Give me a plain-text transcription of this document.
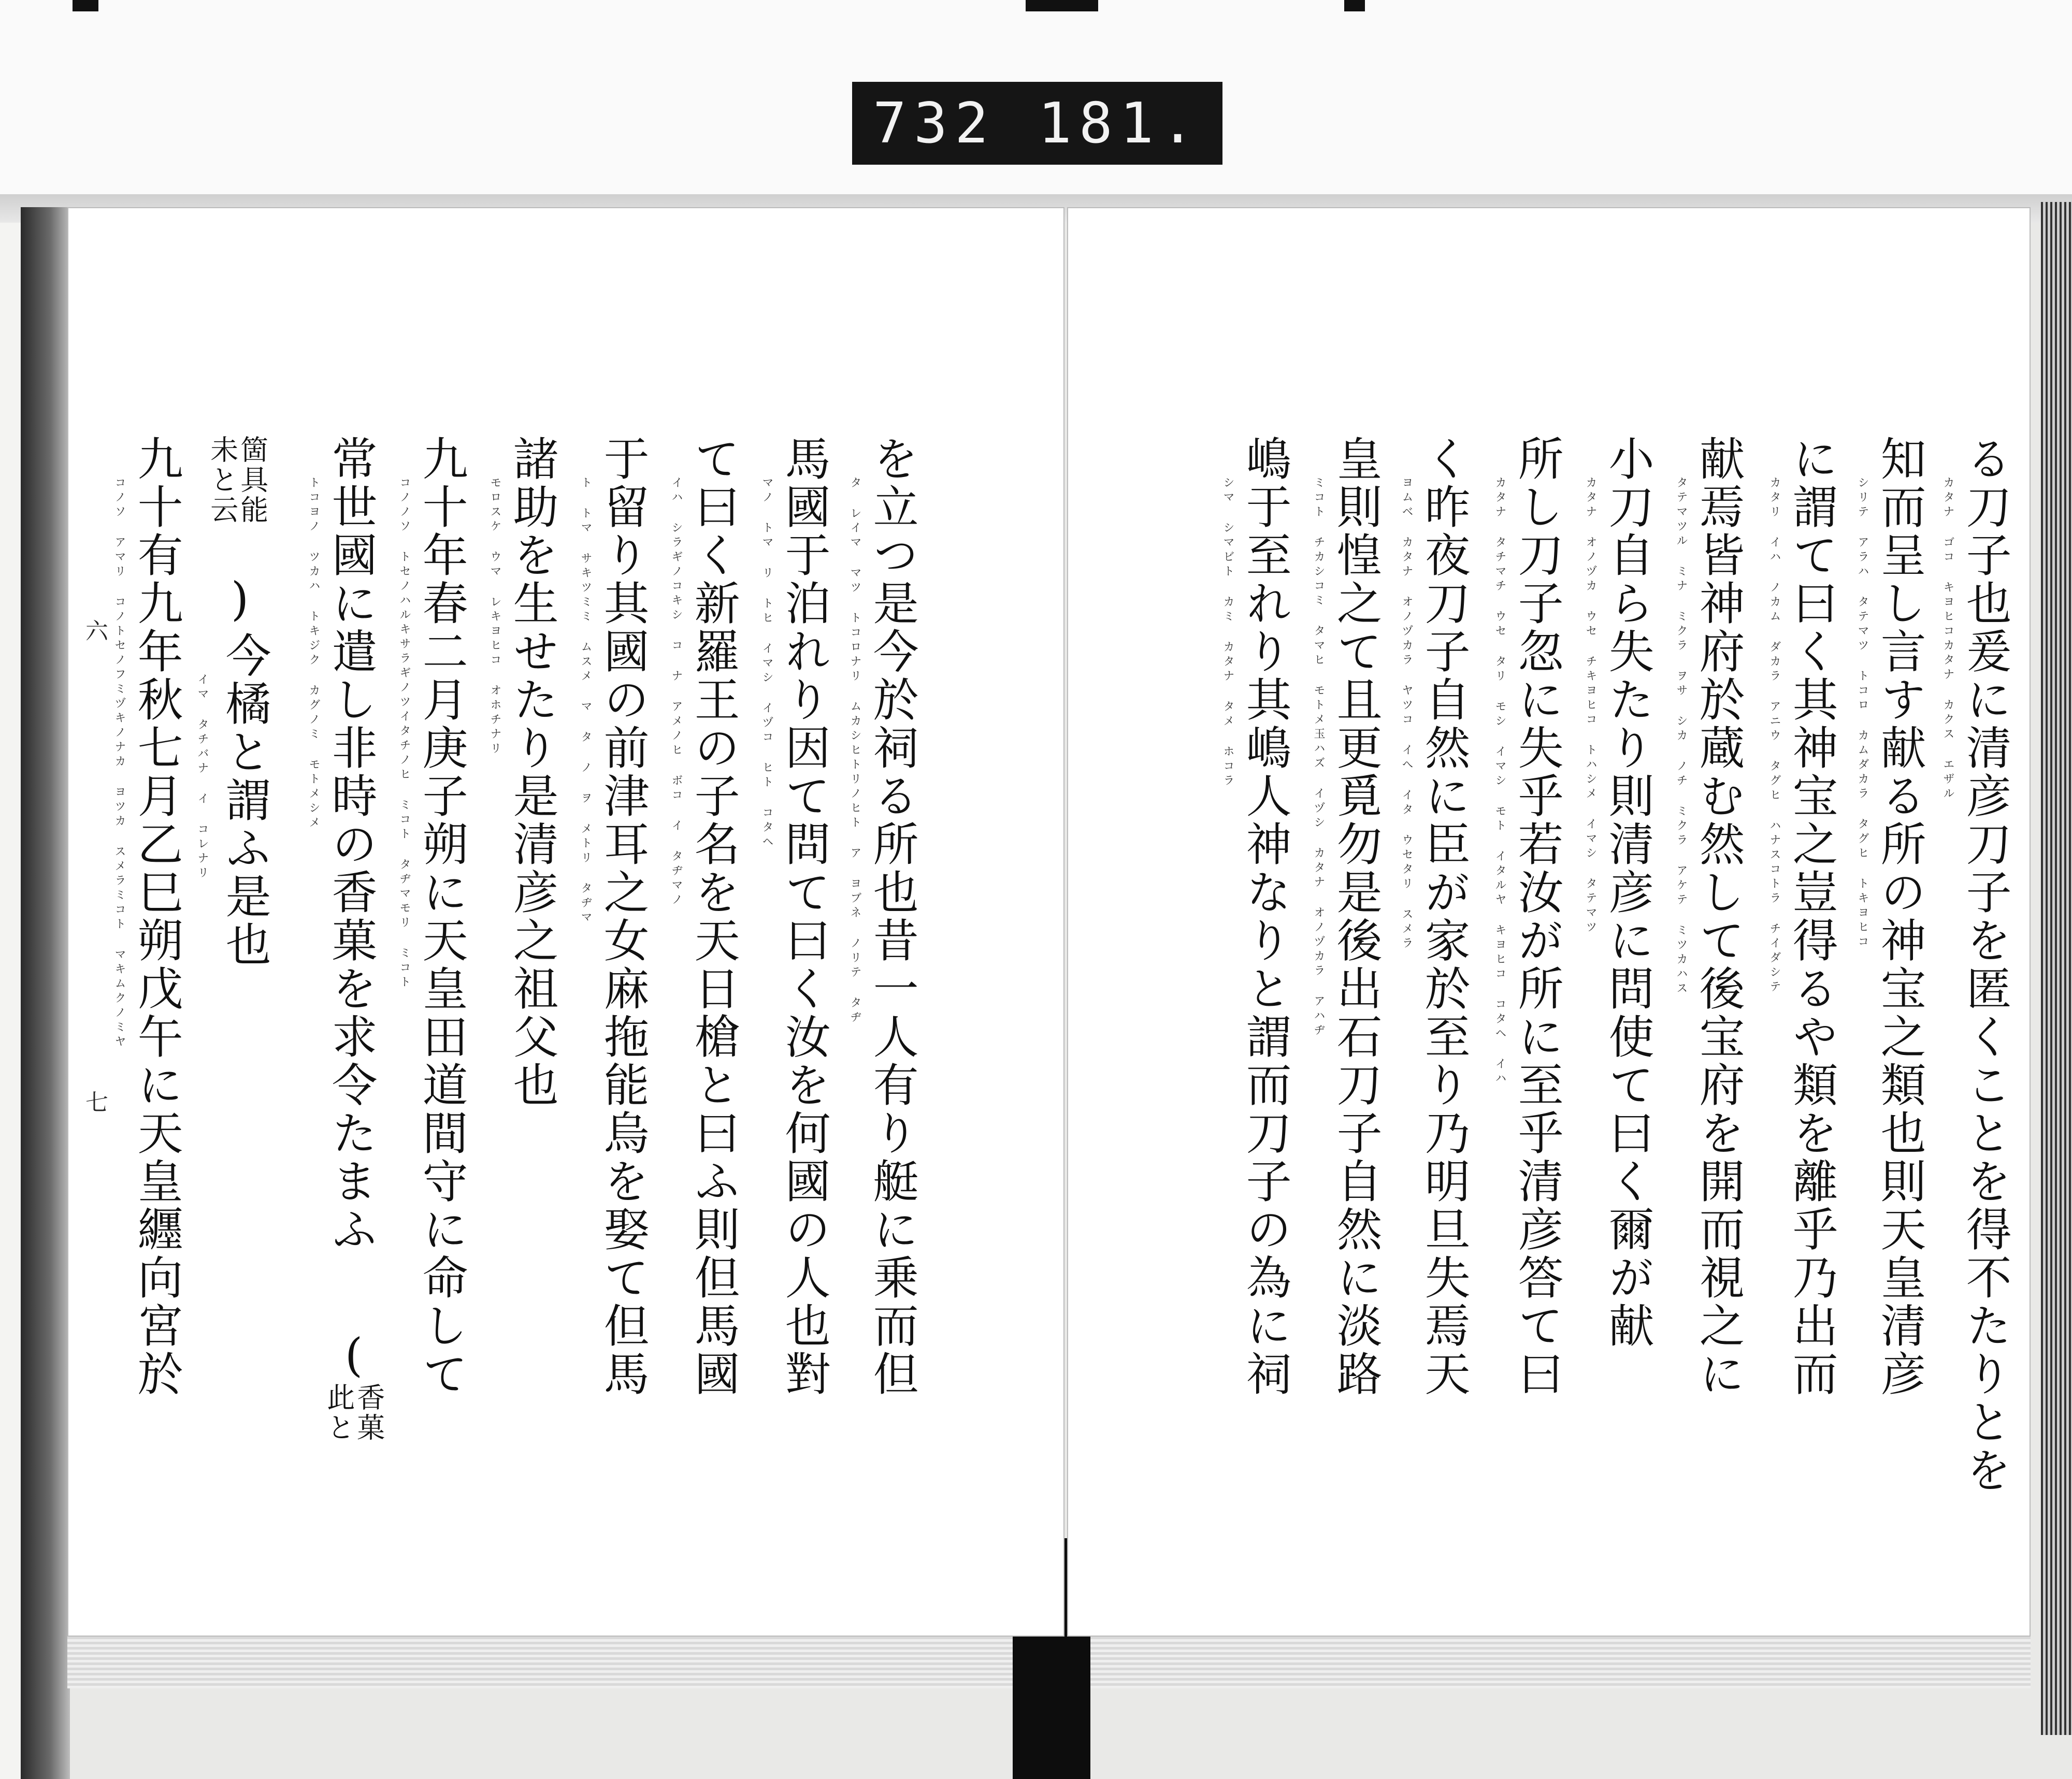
732 181.
る刀子也爰に清彦刀子を匿くことを得不たりとを
知而呈し言す献る所の神宝之類也則天皇清彦
に謂て曰く其神宝之豈得るや類を離乎乃出而
献焉皆神府於蔵む然して後宝府を開而視之に
小刀自ら失たり則清彦に問使て曰く爾が献
所し刀子忽に失乎若汝が所に至乎清彦答て曰
く昨夜刀子自然に臣が家於至り乃明旦失焉天
皇則惶之て且更覓勿是後出石刀子自然に淡路
嶋于至れり其嶋人神なりと謂而刀子の為に祠	カタナ ゴコ キヨヒコカタナ カクス エザル
シリテ アラハ タテマツ トコロ カムダカラ タグヒ トキヨヒコ
カタリ イハ ノカム ダカラ アニウ タグヒ ハナスコトラ チイダシテ
タテマツル ミナ ミクラ ヲサ シカ ノチ ミクラ アケテ ミツカハス
カタナ オノヅカ ウセ チキヨヒコ トハシメ イマシ タテマツ
カタナ タチマチ ウセ タリ モシ イマシ モト イタルヤ キヨヒコ コタヘ イハ
ヨムベ カタナ オノヅカラ ヤツコ イへ イタ ウセタリ スメラ
ミコト チカシコミ タマヒ モトメ玉ハズ イヅシ カタナ オノヅカラ アハヂ
シマ シマビト カミ カタナ タメ ホコラ
を立つ是今於祠る所也昔一人有り艇に乗而但
馬國于泊れり因て問て曰く汝を何國の人也對
て曰く新羅王の子名を天日槍と曰ふ則但馬國
于留り其國の前津耳之女麻拖能烏を娶て但馬
諸助を生せたり是清彦之祖父也
九十年春二月庚子朔に天皇田道間守に命して
常世國に遣し非時の香菓を求令たまふ
(
香菓
此と
箇具能
未と云
)
今橘と謂ふ是也
九十有九年秋七月乙巳朔戊午に天皇纒向宮於	タ レイマ マツ トコロナリ ムカシヒトリノヒト ア ヨブネ ノリテ タヂ
マノ トマ リ トヒ イマシ イヅコ ヒト コタヘ
イハ シラギノコキシ コ ナ アメノヒ ボコ イ タヂマノ
ト トマ サキツミミ ムスメ マ タ ノ ヲ メトリ タヂマ
モロスケ ウマ レキヨヒコ オホチナリ
コノノソ トセノハルキサラギノツイタチノヒ ミコト タヂマモリ ミコト
トコヨノ ツカハ トキジク カグノミ モトメシメ
イマ タチバナ イ コレナリ
コノソ アマリ コノトセノフミヅキノナカ ヨツカ スメラミコト マキムクノミヤ
六
七
